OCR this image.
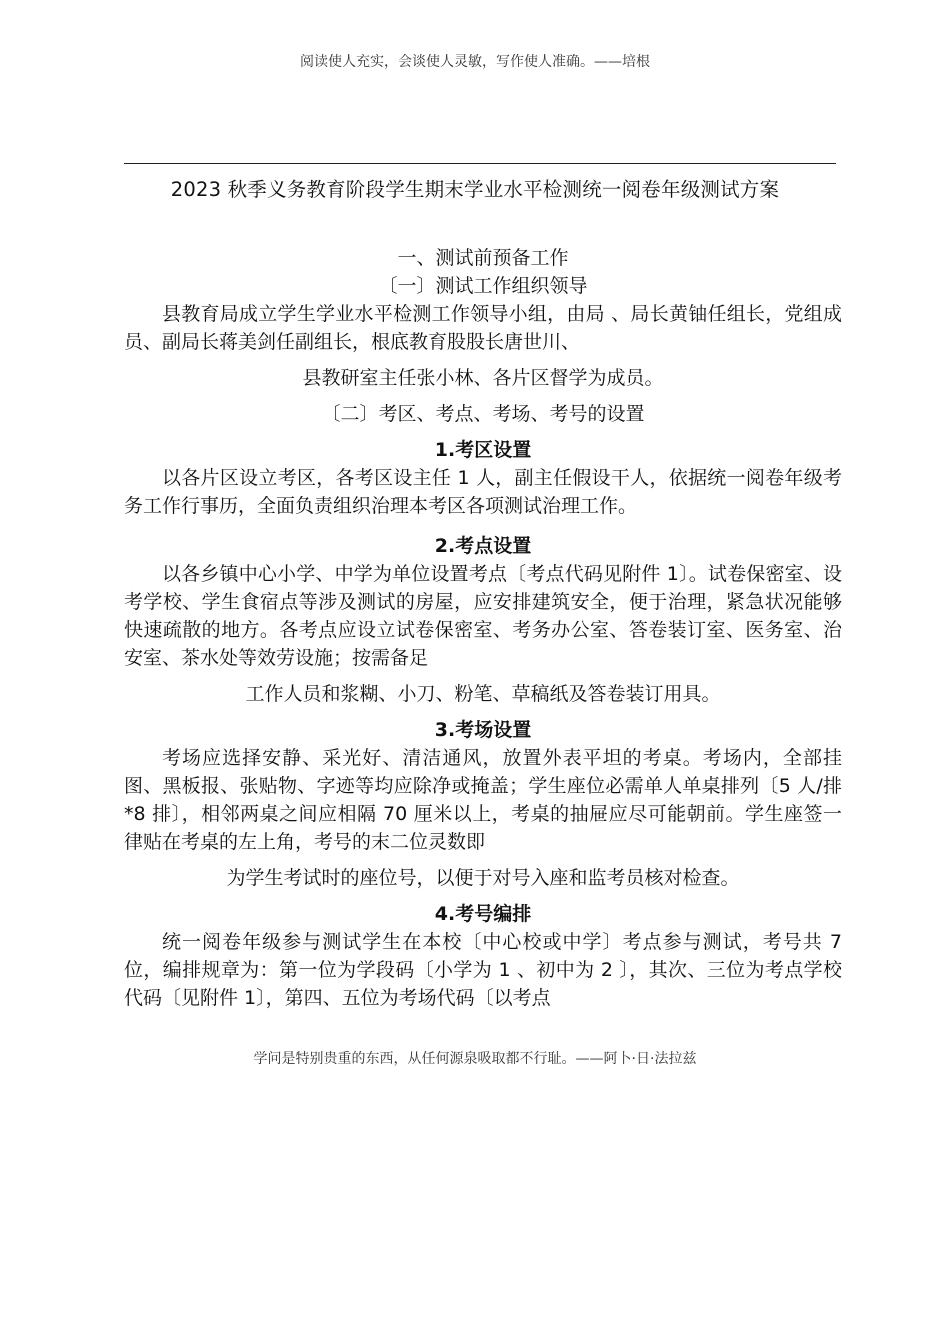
阅读使人充实，会谈使人灵敏，写作使人准确。——培根
2023 秋季义务教育阶段学生期末学业水平检测统一阅卷年级测试方案

一、测试前预备工作

〔一〕测试工作组织领导

县教育局成立学生学业水平检测工作领导小组，由局 、局长黄铀任组长，党组成员、副局长蒋美剑任副组长，根底教育股股长唐世川、

县教研室主任张小林、各片区督学为成员。

〔二〕考区、考点、考场、考号的设置

1.考区设置

以各片区设立考区，各考区设主任 1 人，副主任假设干人，依据统一阅卷年级考务工作行事历，全面负责组织治理本考区各项测试治理工作。

2.考点设置

以各乡镇中心小学、中学为单位设置考点〔考点代码见附件 1〕。试卷保密室、设考学校、学生食宿点等涉及测试的房屋，应安排建筑安全，便于治理，紧急状况能够快速疏散的地方。各考点应设立试卷保密室、考务办公室、答卷装订室、医务室、治安室、茶水处等效劳设施；按需备足

工作人员和浆糊、小刀、粉笔、草稿纸及答卷装订用具。

3.考场设置

考场应选择安静、采光好、清洁通风，放置外表平坦的考桌。考场内，全部挂图、黑板报、张贴物、字迹等均应除净或掩盖；学生座位必需单人单桌排列〔5 人/排*8 排〕，相邻两桌之间应相隔 70 厘米以上，考桌的抽屉应尽可能朝前。学生座签一律贴在考桌的左上角，考号的末二位灵数即

为学生考试时的座位号，以便于对号入座和监考员核对检查。

4.考号编排

统一阅卷年级参与测试学生在本校〔中心校或中学〕考点参与测试，考号共 7 位，编排规章为：第一位为学段码〔小学为 1 、初中为 2 〕，其次、三位为考点学校代码〔见附件 1〕，第四、五位为考场代码〔以考点

学问是特别贵重的东西，从任何源泉吸取都不行耻。——阿卜·日·法拉兹
